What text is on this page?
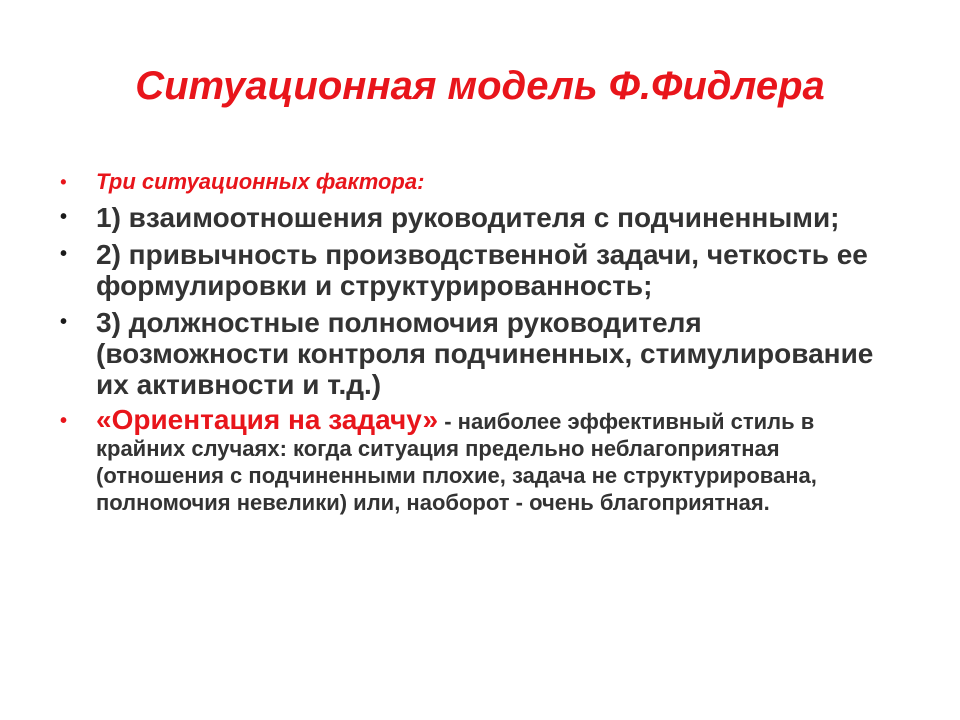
Ситуационная модель Ф.Фидлера
• Три ситуационных фактора:
• 1) взаимоотношения руководителя с подчиненными;
• 2) привычность производственной задачи, четкость ее формулировки и структурированность;
• 3) должностные полномочия руководителя (возможности контроля подчиненных, стимулирование их активности и т.д.)
• «Ориентация на задачу» - наиболее эффективный стиль в крайних случаях: когда ситуация предельно неблагоприятная (отношения с подчиненными плохие, задача не структурирована, полномочия невелики) или, наоборот - очень благоприятная.
